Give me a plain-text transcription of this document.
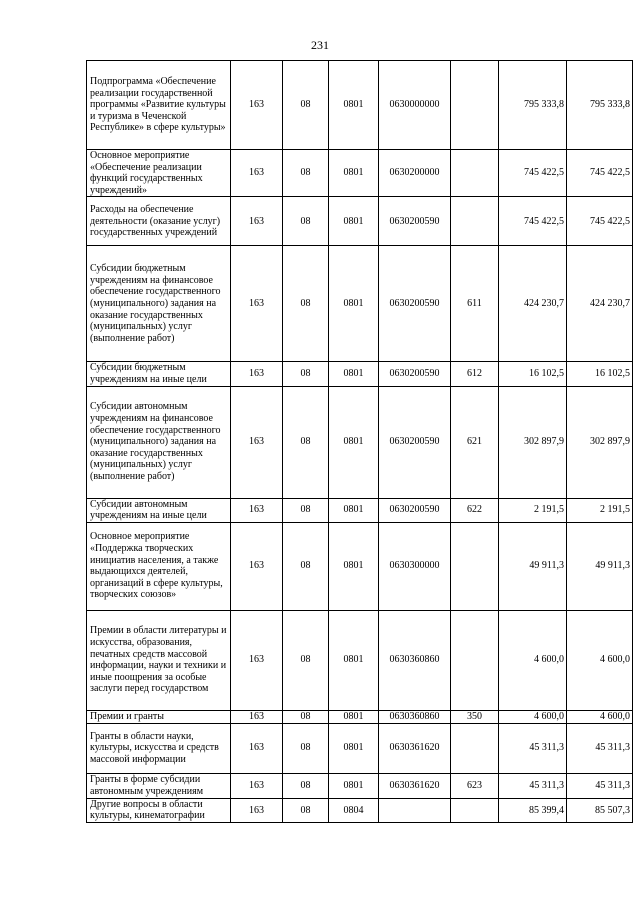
231
Подпрограмма «Обеспечение реализации государственной программы «Развитие культуры и туризма в Чеченской Республике» в сфере культуры»	163	08	0801	0630000000		795 333,8	795 333,8
Основное мероприятие «Обеспечение реализации функций государственных учреждений»	163	08	0801	0630200000		745 422,5	745 422,5
Расходы на обеспечение деятельности (оказание услуг) государственных учреждений	163	08	0801	0630200590		745 422,5	745 422,5
Субсидии бюджетным учреждениям на финансовое обеспечение государственного (муниципального) задания на оказание государственных (муниципальных) услуг (выполнение работ)	163	08	0801	0630200590	611	424 230,7	424 230,7
Субсидии бюджетным учреждениям на иные цели	163	08	0801	0630200590	612	16 102,5	16 102,5
Субсидии автономным учреждениям на финансовое обеспечение государственного (муниципального) задания на оказание государственных (муниципальных) услуг (выполнение работ)	163	08	0801	0630200590	621	302 897,9	302 897,9
Субсидии автономным учреждениям на иные цели	163	08	0801	0630200590	622	2 191,5	2 191,5
Основное мероприятие «Поддержка творческих инициатив населения, а также выдающихся деятелей, организаций в сфере культуры, творческих союзов»	163	08	0801	0630300000		49 911,3	49 911,3
Премии в области литературы и искусства, образования, печатных средств массовой информации, науки и техники и иные поощрения за особые заслуги перед государством	163	08	0801	0630360860		4 600,0	4 600,0
Премии и гранты	163	08	0801	0630360860	350	4 600,0	4 600,0
Гранты в области науки, культуры, искусства и средств массовой информации	163	08	0801	0630361620		45 311,3	45 311,3
Гранты в форме субсидии автономным учреждениям	163	08	0801	0630361620	623	45 311,3	45 311,3
Другие вопросы в области культуры, кинематографии	163	08	0804			85 399,4	85 507,3
